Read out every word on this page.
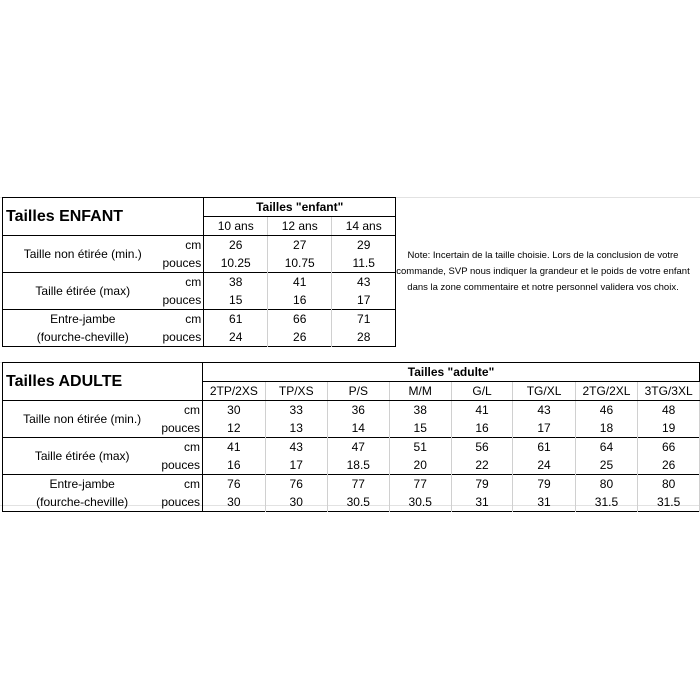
Tailles ENFANT		Tailles "enfant"		
		10 ans	12 ans	14 ans
Taille non étirée (min.)	cm	26	27	29
	pouces	10.25	10.75	11.5
Taille étirée (max)	cm	38	41	43
	pouces	15	16	17
Entre-jambe	cm	61	66	71
(fourche-cheville)	pouces	24	26	28
Note: Incertain de la taille choisie. Lors de la conclusion de votre commande, SVP nous indiquer la grandeur et le poids de votre enfant dans la zone commentaire et notre personnel validera vos choix.
Tailles ADULTE		Tailles "adulte"							
		2TP/2XS	TP/XS	P/S	M/M	G/L	TG/XL	2TG/2XL	3TG/3XL
Taille non étirée (min.)	cm	30	33	36	38	41	43	46	48
	pouces	12	13	14	15	16	17	18	19
Taille étirée (max)	cm	41	43	47	51	56	61	64	66
	pouces	16	17	18.5	20	22	24	25	26
Entre-jambe	cm	76	76	77	77	79	79	80	80
(fourche-cheville)	pouces	30	30	30.5	30.5	31	31	31.5	31.5
